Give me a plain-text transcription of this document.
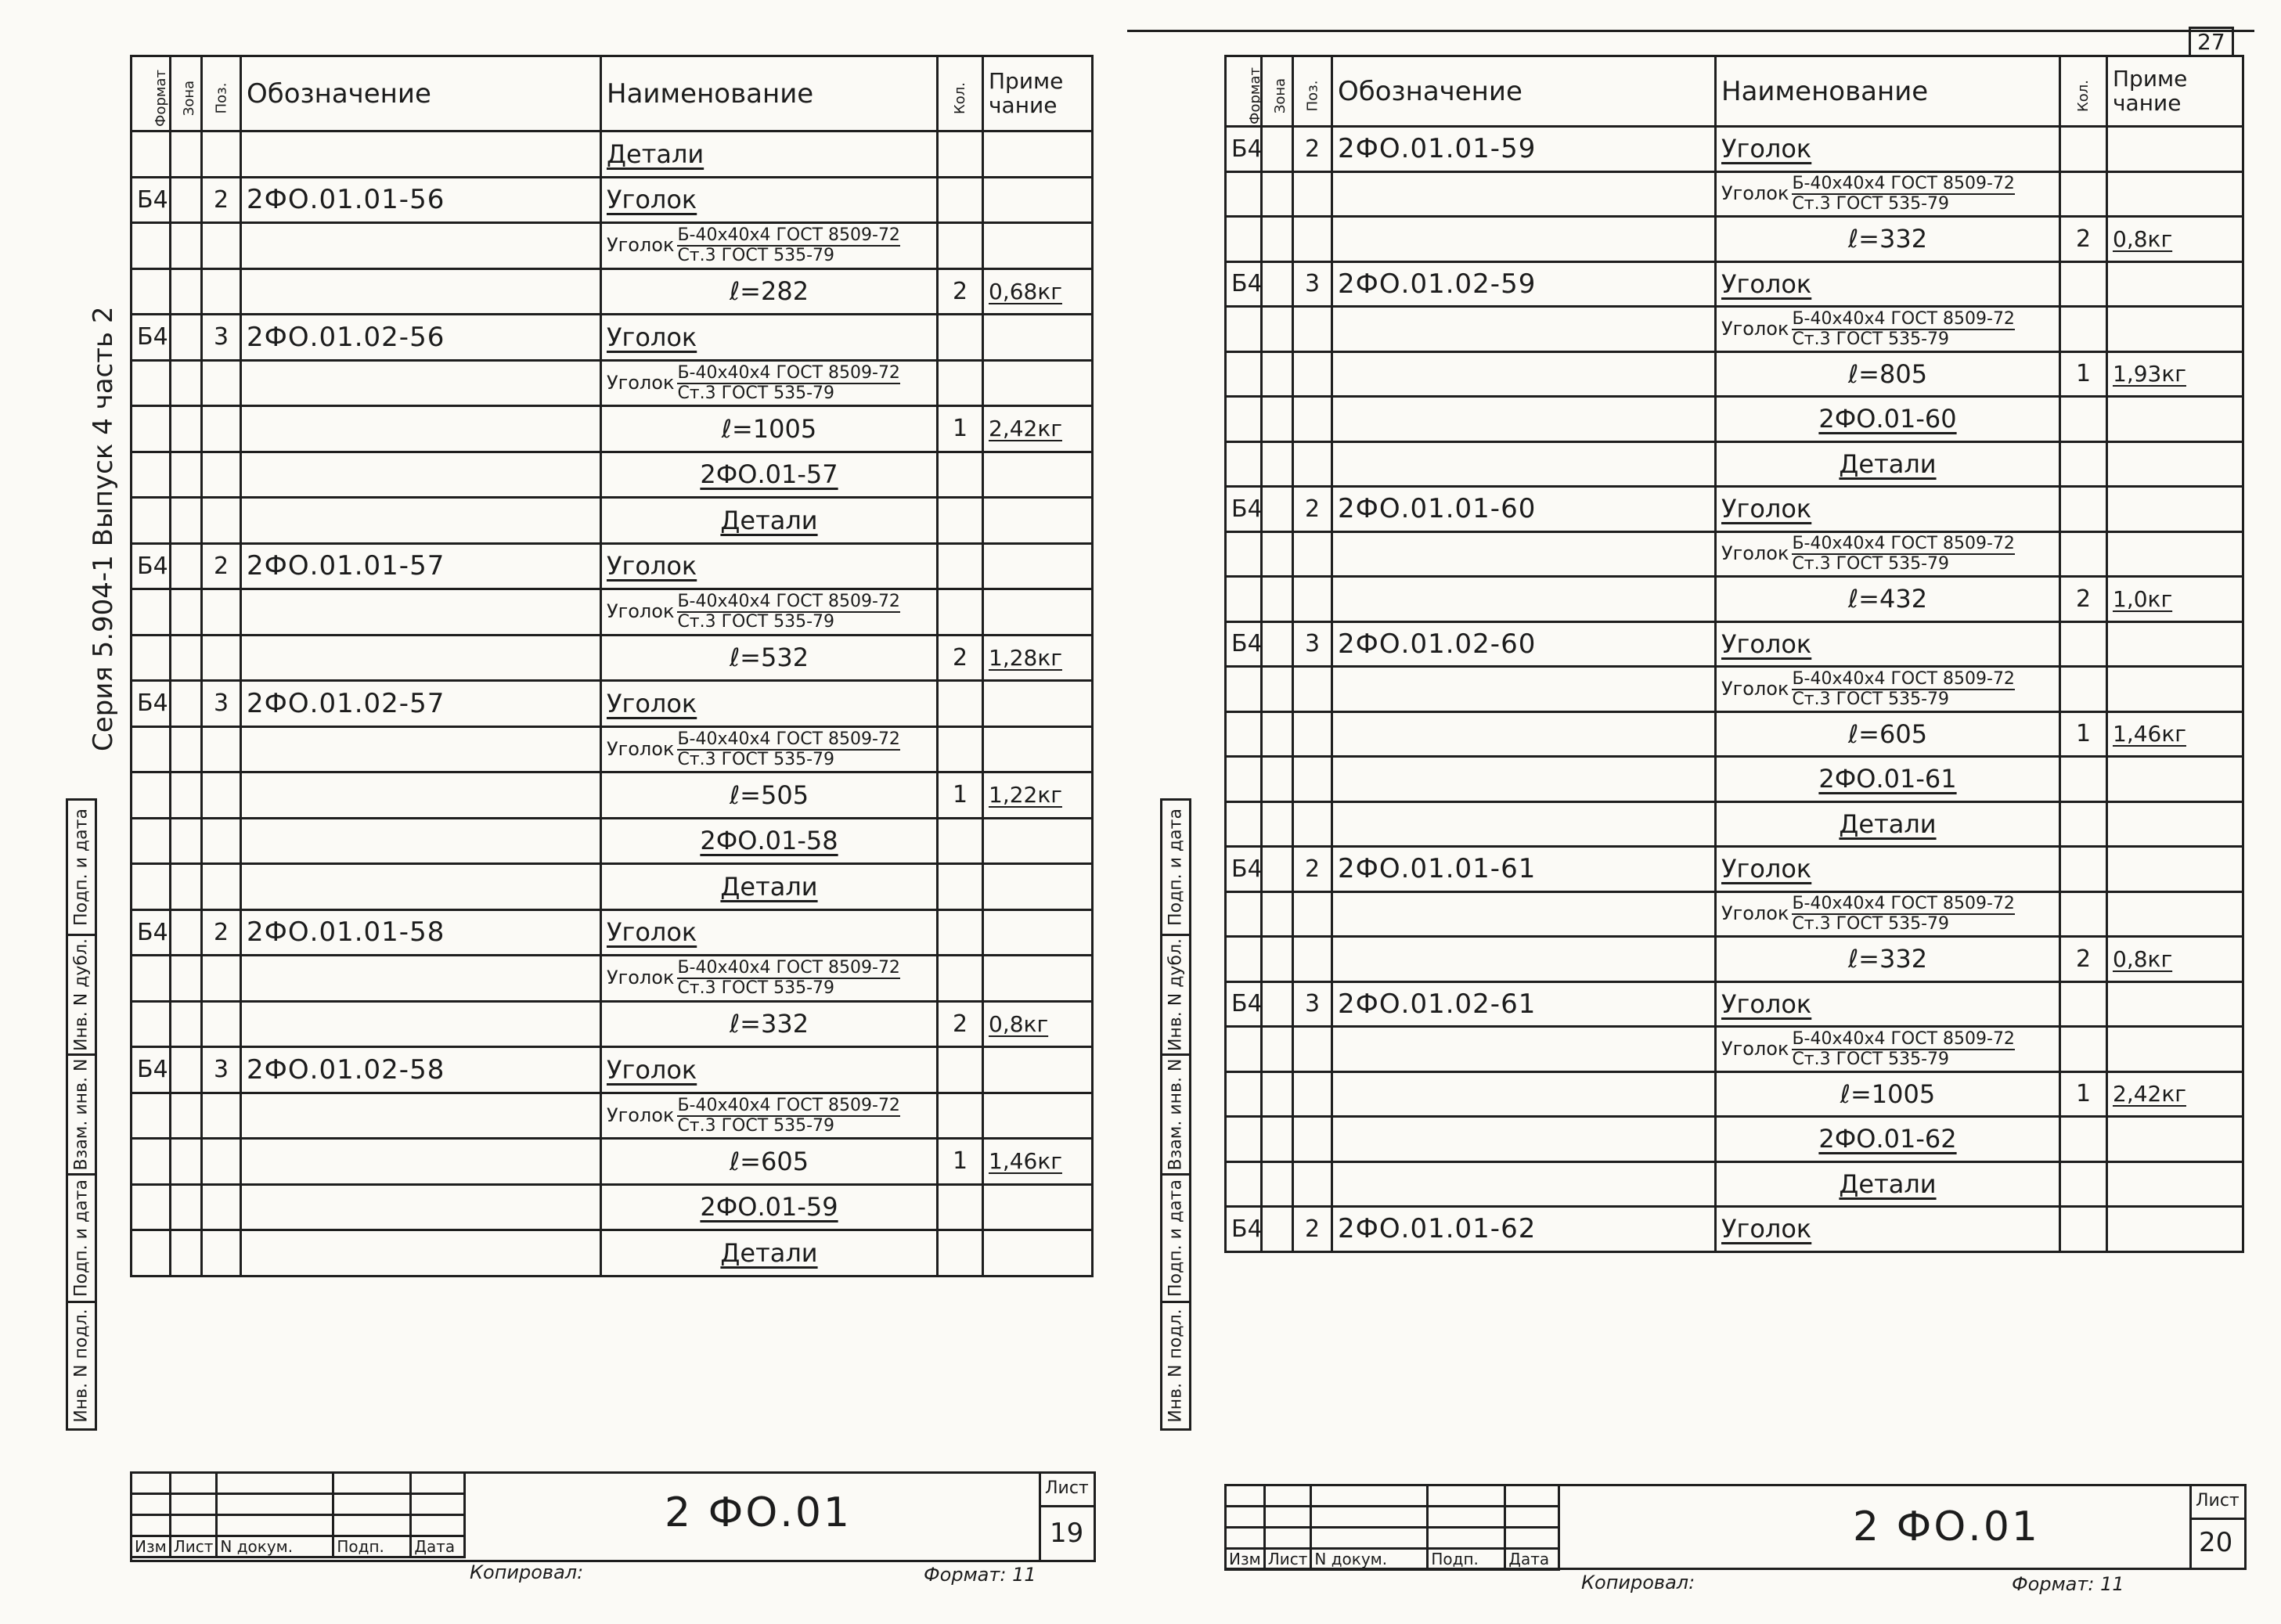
Серия 5.904-1 Выпуск 4 часть 2
Подп. и дата

Инв. N дубл.

Взам. инв. N

Подп. и дата

Инв. N подл.
Формат	Зона	Поз.	Обозначение	Наименование	Кол.	Приме чание
				Детали		
Б4		2	2ФО.01.01-56	Уголок		

				Уголок $\frac{\text{Б-40х40х4 ГОСТ 8509-72}}{\text{Ст.3 ГОСТ 535-79}}$

				ℓ=282	2	0,68кг
Б4		3	2ФО.01.02-56	Уголок		

				Уголок $\frac{\text{Б-40х40х4 ГОСТ 8509-72}}{\text{Ст.3 ГОСТ 535-79}}$

				ℓ=1005	1	2,42кг
				2ФО.01-57		
				Детали		
Б4		2	2ФО.01.01-57	Уголок		

				Уголок $\frac{\text{Б-40х40х4 ГОСТ 8509-72}}{\text{Ст.3 ГОСТ 535-79}}$

				ℓ=532	2	1,28кг
Б4		3	2ФО.01.02-57	Уголок		

				Уголок $\frac{\text{Б-40х40х4 ГОСТ 8509-72}}{\text{Ст.3 ГОСТ 535-79}}$

				ℓ=505	1	1,22кг
				2ФО.01-58		
				Детали		
Б4		2	2ФО.01.01-58	Уголок		

				Уголок $\frac{\text{Б-40х40х4 ГОСТ 8509-72}}{\text{Ст.3 ГОСТ 535-79}}$

				ℓ=332	2	0,8кг
Б4		3	2ФО.01.02-58	Уголок		

				Уголок $\frac{\text{Б-40х40х4 ГОСТ 8509-72}}{\text{Ст.3 ГОСТ 535-79}}$

				ℓ=605	1	1,46кг
				2ФО.01-59		
				Детали		

Изм	Лист	N докум.	Подп.	Дата
2 ФО.01
Лист
19
Копировал:	Формат: 11
27
Подп. и дата

Инв. N дубл.

Взам. инв. N

Подп. и дата

Инв. N подл.
Формат	Зона	Поз.	Обозначение	Наименование	Кол.	Приме чание
Б4		2	2ФО.01.01-59	Уголок		

				Уголок $\frac{\text{Б-40х40х4 ГОСТ 8509-72}}{\text{Ст.3 ГОСТ 535-79}}$

				ℓ=332	2	0,8кг
Б4		3	2ФО.01.02-59	Уголок		

				Уголок $\frac{\text{Б-40х40х4 ГОСТ 8509-72}}{\text{Ст.3 ГОСТ 535-79}}$

				ℓ=805	1	1,93кг
				2ФО.01-60		
				Детали		
Б4		2	2ФО.01.01-60	Уголок		

				Уголок $\frac{\text{Б-40х40х4 ГОСТ 8509-72}}{\text{Ст.3 ГОСТ 535-79}}$

				ℓ=432	2	1,0кг
Б4		3	2ФО.01.02-60	Уголок		

				Уголок $\frac{\text{Б-40х40х4 ГОСТ 8509-72}}{\text{Ст.3 ГОСТ 535-79}}$

				ℓ=605	1	1,46кг
				2ФО.01-61		
				Детали		
Б4		2	2ФО.01.01-61	Уголок		

				Уголок $\frac{\text{Б-40х40х4 ГОСТ 8509-72}}{\text{Ст.3 ГОСТ 535-79}}$

				ℓ=332	2	0,8кг
Б4		3	2ФО.01.02-61	Уголок		

				Уголок $\frac{\text{Б-40х40х4 ГОСТ 8509-72}}{\text{Ст.3 ГОСТ 535-79}}$

				ℓ=1005	1	2,42кг
				2ФО.01-62		
				Детали		
Б4		2	2ФО.01.01-62	Уголок		

Изм	Лист	N докум.	Подп.	Дата
2 ФО.01
Лист
20
Копировал:	Формат: 11
